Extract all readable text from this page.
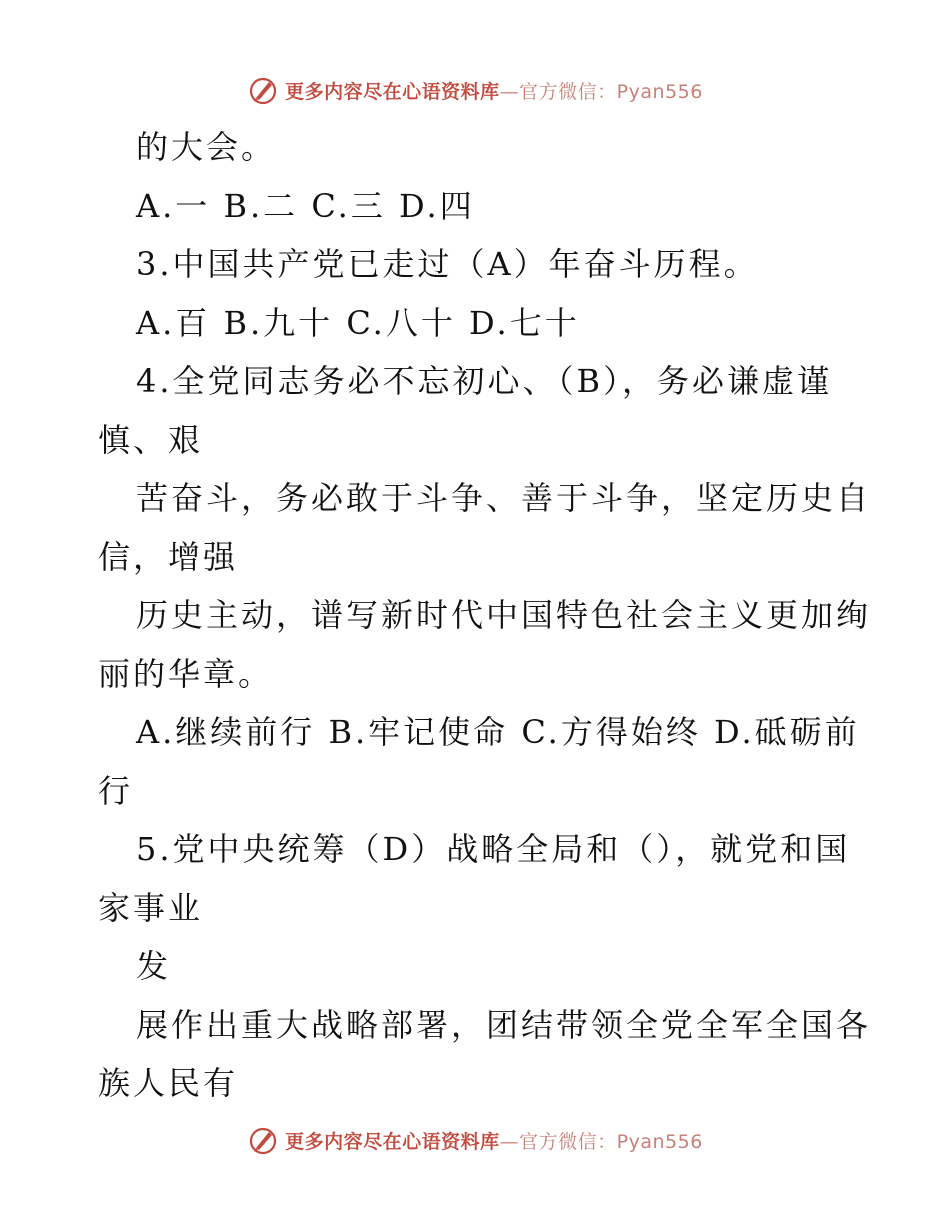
更多内容尽在心语资料库—官方微信：Pyan556
的大会。
A.一 B.二 C.三 D.四
3.中国共产党已走过（A）年奋斗历程。
A.百 B.九十 C.八十 D.七十
4.全党同志务必不忘初心、（B），务必谦虚谨
慎、艰
苦奋斗，务必敢于斗争、善于斗争，坚定历史自
信，增强
历史主动，谱写新时代中国特色社会主义更加绚
丽的华章。
A.继续前行 B.牢记使命 C.方得始终 D.砥砺前
行
5.党中央统筹（D）战略全局和（），就党和国
家事业
发
展作出重大战略部署，团结带领全党全军全国各
族人民有
更多内容尽在心语资料库—官方微信：Pyan556
